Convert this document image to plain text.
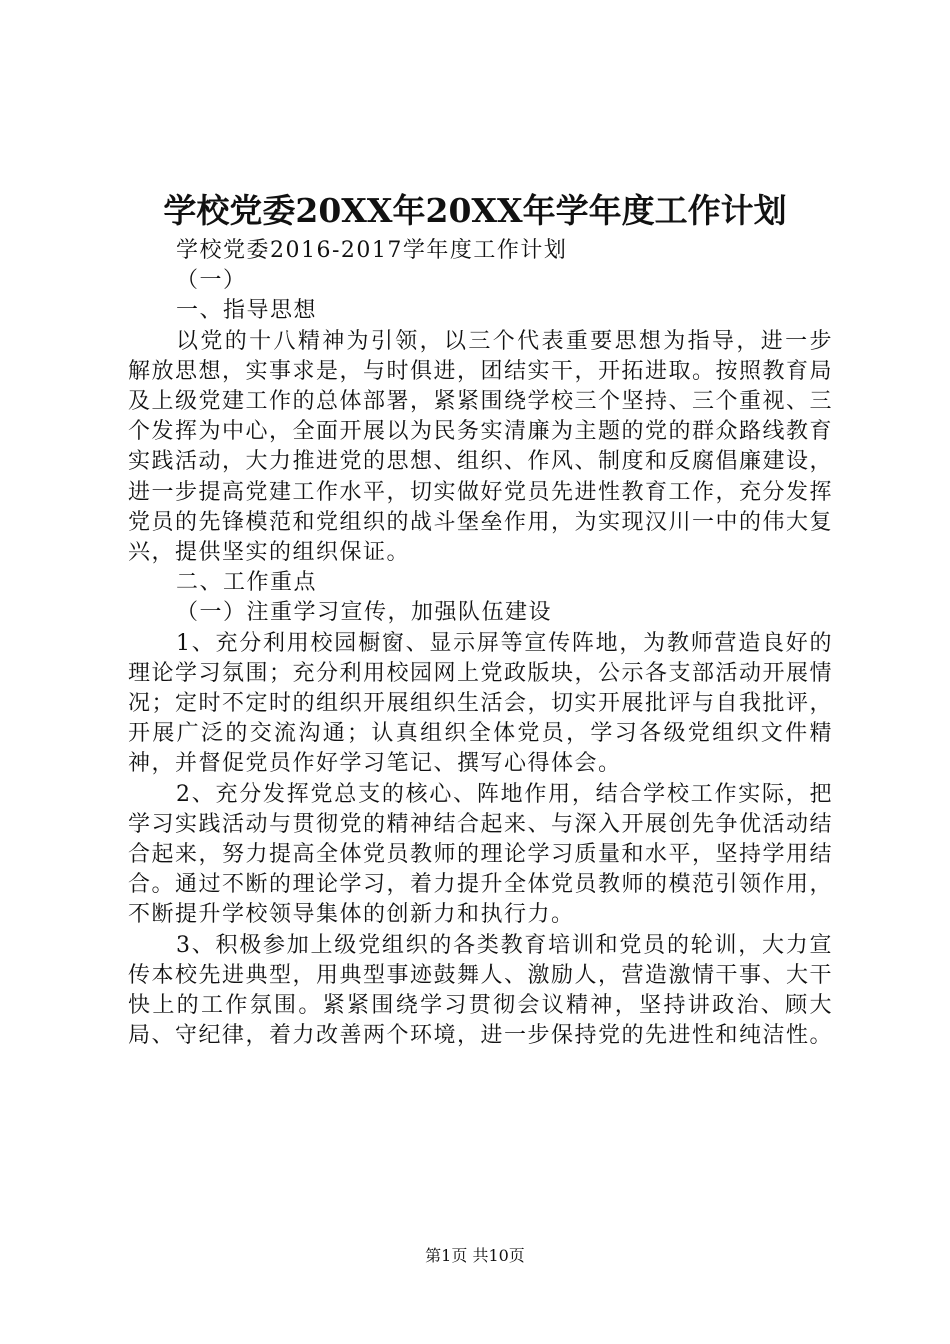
学校党委20XX年20XX年学年度工作计划

学校党委2016-2017学年度工作计划

（一）

一、指导思想

以党的十八精神为引领，以三个代表重要思想为指导，进一步解放思想，实事求是，与时俱进，团结实干，开拓进取。按照教育局及上级党建工作的总体部署，紧紧围绕学校三个坚持、三个重视、三个发挥为中心，全面开展以为民务实清廉为主题的党的群众路线教育实践活动，大力推进党的思想、组织、作风、制度和反腐倡廉建设，进一步提高党建工作水平，切实做好党员先进性教育工作，充分发挥党员的先锋模范和党组织的战斗堡垒作用，为实现汉川一中的伟大复兴，提供坚实的组织保证。

二、工作重点

（一）注重学习宣传，加强队伍建设

1、充分利用校园橱窗、显示屏等宣传阵地，为教师营造良好的理论学习氛围；充分利用校园网上党政版块，公示各支部活动开展情况；定时不定时的组织开展组织生活会，切实开展批评与自我批评，开展广泛的交流沟通；认真组织全体党员，学习各级党组织文件精神，并督促党员作好学习笔记、撰写心得体会。

2、充分发挥党总支的核心、阵地作用，结合学校工作实际，把学习实践活动与贯彻党的精神结合起来、与深入开展创先争优活动结合起来，努力提高全体党员教师的理论学习质量和水平，坚持学用结合。通过不断的理论学习，着力提升全体党员教师的模范引领作用，不断提升学校领导集体的创新力和执行力。

3、积极参加上级党组织的各类教育培训和党员的轮训，大力宣传本校先进典型，用典型事迹鼓舞人、激励人，营造激情干事、大干快上的工作氛围。紧紧围绕学习贯彻会议精神，坚持讲政治、顾大局、守纪律，着力改善两个环境，进一步保持党的先进性和纯洁性。

第1页 共10页
